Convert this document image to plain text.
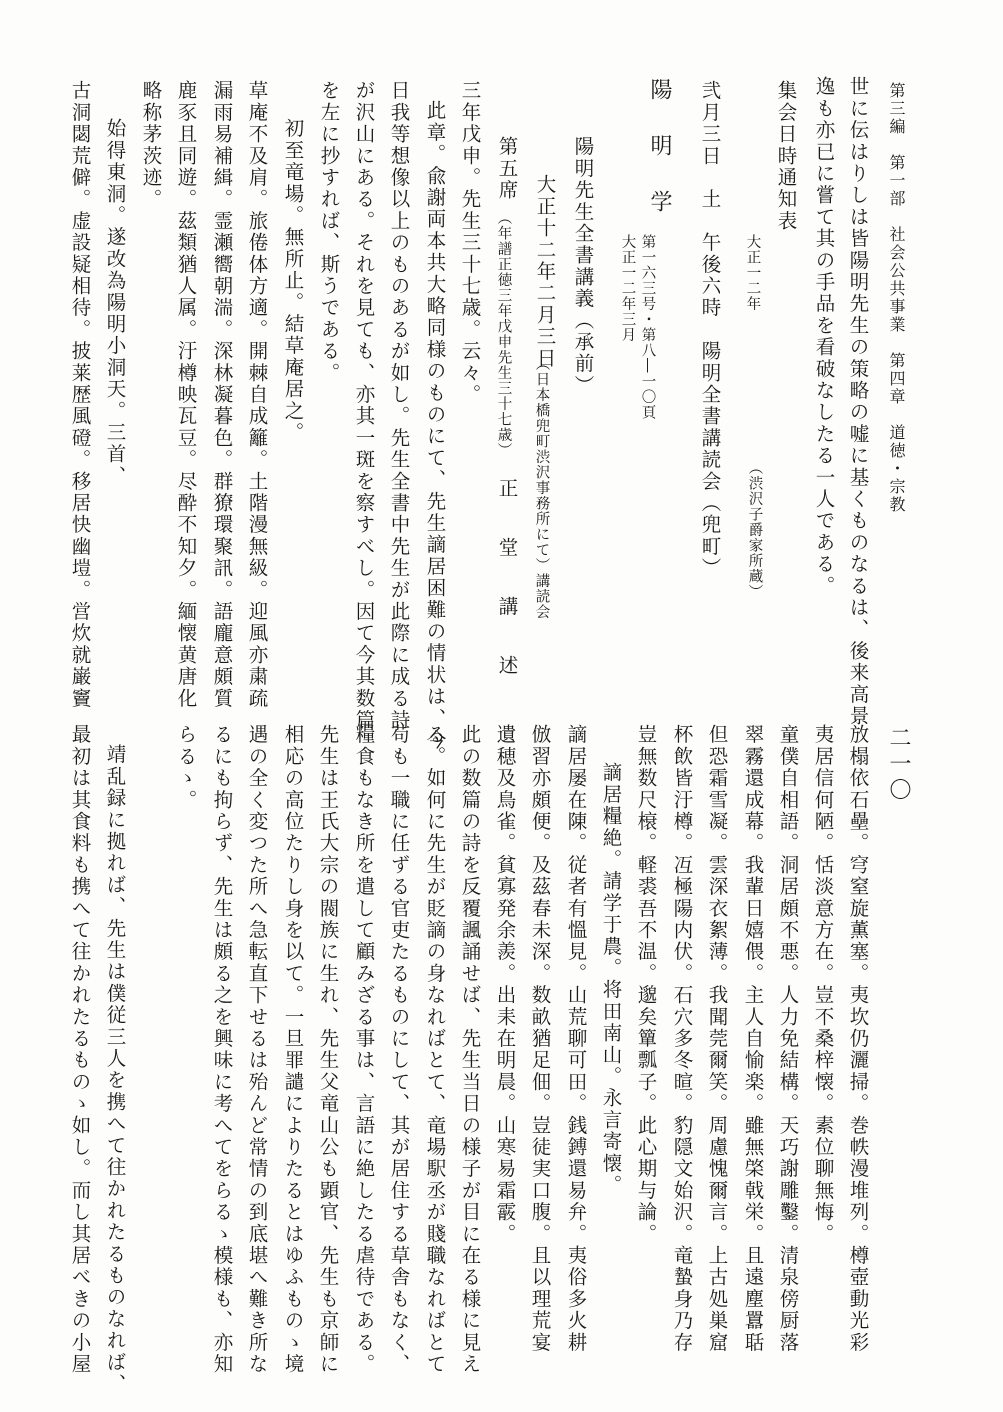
第三編　第一部　社会公共事業　第四章　道徳・宗教
二一〇
世に伝はりしは皆陽明先生の策略の嘘に基くものなるは、後来高景
逸も亦已に嘗て其の手品を看破なしたる一人である。
集会日時通知表
大正一二年
（渋沢子爵家所蔵）
弐月三日　土　午後六時　陽明全書講読会（兜町）
陽　明　学
第一六三号・第八―一〇頁
大正一二年三月
陽明先生全書講義（承前）
大正十二年二月三日
（日本橋兜町渋沢事務所にて）講読会
正　堂　講　述
第五席
（年譜正徳三年戊申先生三十七歳）
三年戊申。先生三十七歳。云々。
此章。兪謝両本共大略同様のものにて、先生謫居困難の情状は、今
日我等想像以上のものあるが如し。先生全書中先生が此際に成る詩
が沢山にある。それを見ても、亦其一斑を察すべし。因て今其数篇
を左に抄すれば、斯うである。
初至竜場。無所止。結草庵居之。
草庵不及肩。旅倦体方適。開棘自成籬。土階漫無級。迎風亦粛疏
漏雨易補緝。霊瀬嚮朝湍。深林凝暮色。群獠環聚訊。語龐意頗質
鹿豕且同遊。茲類猶人属。汙樽映瓦豆。尽酔不知夕。緬懐黄唐化
略称茅茨迹。
始得東洞。遂改為陽明小洞天。三首、
古洞閟荒僻。虚設疑相待。披莱歴風磴。移居快幽塏。営炊就巌竇
放榻依石壘。穹窒旋薫塞。夷坎仍灑掃。巻帙漫堆列。樽壺動光彩
夷居信何陋。恬淡意方在。豈不桑梓懐。素位聊無悔。
童僕自相語。洞居頗不悪。人力免結構。天巧謝雕鑿。清泉傍厨落
翠霧還成幕。我輩日嬉偎。主人自愉楽。雖無棨戟栄。且遠塵囂聒
但恐霜雪凝。雲深衣絮薄。我聞莞爾笑。周慮愧爾言。上古処巣窟
杯飲皆汙樽。冱極陽内伏。石穴多冬暄。豹隠文始沢。竜蟄身乃存
豈無数尺榱。軽裘吾不温。邈矣簞瓢子。此心期与論。
謫居糧絶。請学于農。将田南山。永言寄懐。
謫居屡在陳。従者有慍見。山荒聊可田。銭鎛還易弁。夷俗多火耕
倣習亦頗便。及茲春未深。数畝猶足佃。豈徒実口腹。且以理荒宴
遺穂及鳥雀。貧寡発余羨。出耒在明晨。山寒易霜霰。
此の数篇の詩を反覆諷誦せば、先生当日の様子が目に在る様に見え
る。如何に先生が貶謫の身なればとて、竜場駅丞が賤職なればとて
苟も一職に任ずる官吏たるものにして、其が居住する草舎もなく、
糧食もなき所を遣して顧みざる事は、言語に絶したる虐待である。
先生は王氏大宗の閥族に生れ、先生父竜山公も顕官、先生も京師に
相応の高位たりし身を以て。一旦罪譴によりたるとはゆふものゝ境
遇の全く変つた所へ急転直下せるは殆んど常情の到底堪へ難き所な
るにも拘らず、先生は頗る之を興味に考へてをらるゝ模様も、亦知
らるゝ。
靖乱録に拠れば、先生は僕従三人を携へて往かれたるものなれば、
最初は其食料も携へて往かれたるものゝ如し。而し其居べきの小屋
